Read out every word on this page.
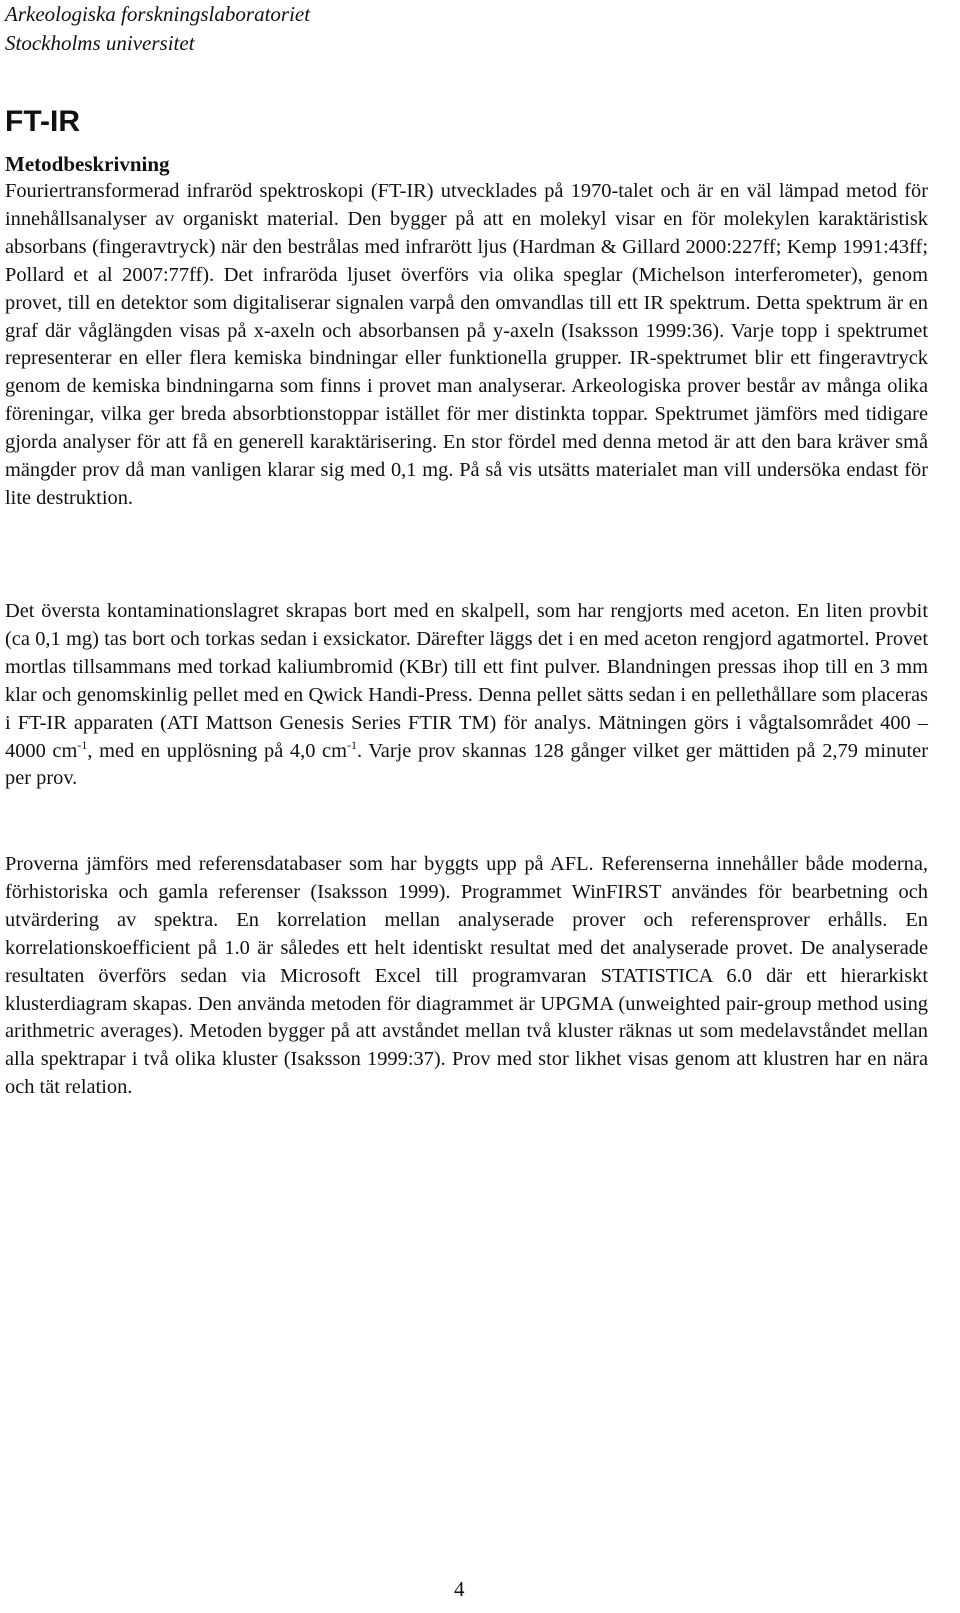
Arkeologiska forskningslaboratoriet
Stockholms universitet
FT-IR
Metodbeskrivning

Fouriertransformerad infraröd spektroskopi (FT-IR) utvecklades på 1970-talet och är en väl lämpad metod för innehållsanalyser av organiskt material. Den bygger på att en molekyl visar en för molekylen karaktäristisk absorbans (fingeravtryck) när den bestrålas med infrarött ljus (Hardman & Gillard 2000:227ff; Kemp 1991:43ff; Pollard et al 2007:77ff). Det infraröda ljuset överförs via olika speglar (Michelson interferometer), genom provet, till en detektor som digitaliserar signalen varpå den omvandlas till ett IR spektrum. Detta spektrum är en graf där våglängden visas på x-axeln och absorbansen på y-axeln (Isaksson 1999:36). Varje topp i spektrumet representerar en eller flera kemiska bindningar eller funktionella grupper. IR-spektrumet blir ett fingeravtryck genom de kemiska bindningarna som finns i provet man analyserar. Arkeologiska prover består av många olika föreningar, vilka ger breda absorbtionstoppar istället för mer distinkta toppar. Spektrumet jämförs med tidigare gjorda analyser för att få en generell karaktärisering. En stor fördel med denna metod är att den bara kräver små mängder prov då man vanligen klarar sig med 0,1 mg. På så vis utsätts materialet man vill undersöka endast för lite destruktion.

Det översta kontaminationslagret skrapas bort med en skalpell, som har rengjorts med aceton. En liten provbit (ca 0,1 mg) tas bort och torkas sedan i exsickator. Därefter läggs det i en med aceton rengjord agatmortel. Provet mortlas tillsammans med torkad kaliumbromid (KBr) till ett fint pulver. Blandningen pressas ihop till en 3 mm klar och genomskinlig pellet med en Qwick Handi-Press. Denna pellet sätts sedan i en pellethållare som placeras i FT-IR apparaten (ATI Mattson Genesis Series FTIR TM) för analys. Mätningen görs i vågtalsområdet 400 – 4000 $cm^{-1}$, med en upplösning på 4,0 $cm^{-1}$. Varje prov skannas 128 gånger vilket ger mättiden på 2,79 minuter per prov.

Proverna jämförs med referensdatabaser som har byggts upp på AFL. Referenserna innehåller både moderna, förhistoriska och gamla referenser (Isaksson 1999). Programmet WinFIRST användes för bearbetning och utvärdering av spektra. En korrelation mellan analyserade prover och referensprover erhålls. En korrelationskoefficient på 1.0 är således ett helt identiskt resultat med det analyserade provet. De analyserade resultaten överförs sedan via Microsoft Excel till programvaran STATISTICA 6.0 där ett hierarkiskt klusterdiagram skapas. Den använda metoden för diagrammet är UPGMA (unweighted pair-group method using arithmetric averages). Metoden bygger på att avståndet mellan två kluster räknas ut som medelavståndet mellan alla spektrapar i två olika kluster (Isaksson 1999:37). Prov med stor likhet visas genom att klustren har en nära och tät relation.

4
